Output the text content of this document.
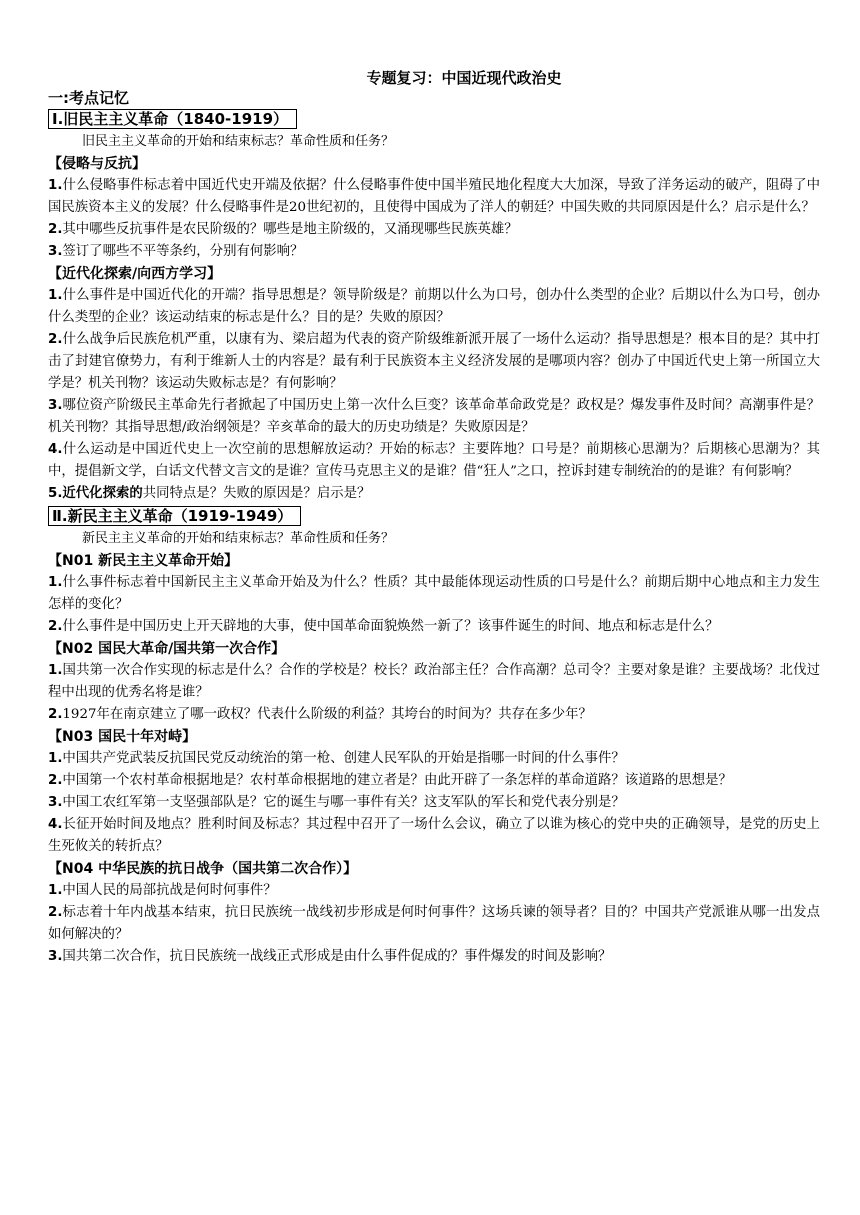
专题复习：中国近现代政治史
一:考点记忆
Ⅰ.旧民主主义革命（1840-1919）
旧民主主义革命的开始和结束标志？革命性质和任务？
【侵略与反抗】
1.什么侵略事件标志着中国近代史开端及依据？什么侵略事件使中国半殖民地化程度大大加深，导致了洋务运动的破产，阻碍了中国民族资本主义的发展？什么侵略事件是20世纪初的，且使得中国成为了洋人的朝廷？中国失败的共同原因是什么？启示是什么？
2.其中哪些反抗事件是农民阶级的？哪些是地主阶级的，又涌现哪些民族英雄？
3.签订了哪些不平等条约，分别有何影响？
【近代化探索/向西方学习】
1.什么事件是中国近代化的开端？指导思想是？领导阶级是？前期以什么为口号，创办什么类型的企业？后期以什么为口号，创办什么类型的企业？该运动结束的标志是什么？目的是？失败的原因？
2.什么战争后民族危机严重，以康有为、梁启超为代表的资产阶级维新派开展了一场什么运动？指导思想是？根本目的是？其中打击了封建官僚势力，有利于维新人士的内容是？最有利于民族资本主义经济发展的是哪项内容？创办了中国近代史上第一所国立大学是？机关刊物？该运动失败标志是？有何影响？
3.哪位资产阶级民主革命先行者掀起了中国历史上第一次什么巨变？该革命革命政党是？政权是？爆发事件及时间？高潮事件是？机关刊物？其指导思想/政治纲领是？辛亥革命的最大的历史功绩是？失败原因是？
4.什么运动是中国近代史上一次空前的思想解放运动？开始的标志？主要阵地？口号是？前期核心思潮为？后期核心思潮为？其中，提倡新文学，白话文代替文言文的是谁？宣传马克思主义的是谁？借“狂人”之口，控诉封建专制统治的的是谁？有何影响？
5.近代化探索的共同特点是？失败的原因是？启示是？
Ⅱ.新民主主义革命（1919-1949）
新民主主义革命的开始和结束标志？革命性质和任务？
【N01 新民主主义革命开始】
1.什么事件标志着中国新民主主义革命开始及为什么？性质？其中最能体现运动性质的口号是什么？前期后期中心地点和主力发生怎样的变化？
2.什么事件是中国历史上开天辟地的大事，使中国革命面貌焕然一新了？该事件诞生的时间、地点和标志是什么？
【N02 国民大革命/国共第一次合作】
1.国共第一次合作实现的标志是什么？合作的学校是？校长？政治部主任？合作高潮？总司令？主要对象是谁？主要战场？北伐过程中出现的优秀名将是谁？
2.1927年在南京建立了哪一政权？代表什么阶级的利益？其垮台的时间为？共存在多少年？
【N03 国民十年对峙】
1.中国共产党武装反抗国民党反动统治的第一枪、创建人民军队的开始是指哪一时间的什么事件？
2.中国第一个农村革命根据地是？农村革命根据地的建立者是？由此开辟了一条怎样的革命道路？该道路的思想是？
3.中国工农红军第一支坚强部队是？它的诞生与哪一事件有关？这支军队的军长和党代表分别是？
4.长征开始时间及地点？胜利时间及标志？其过程中召开了一场什么会议，确立了以谁为核心的党中央的正确领导，是党的历史上生死攸关的转折点？
【N04 中华民族的抗日战争（国共第二次合作）】
1.中国人民的局部抗战是何时何事件？
2.标志着十年内战基本结束，抗日民族统一战线初步形成是何时何事件？这场兵谏的领导者？目的？中国共产党派谁从哪一出发点如何解决的？
3.国共第二次合作，抗日民族统一战线正式形成是由什么事件促成的？事件爆发的时间及影响？
